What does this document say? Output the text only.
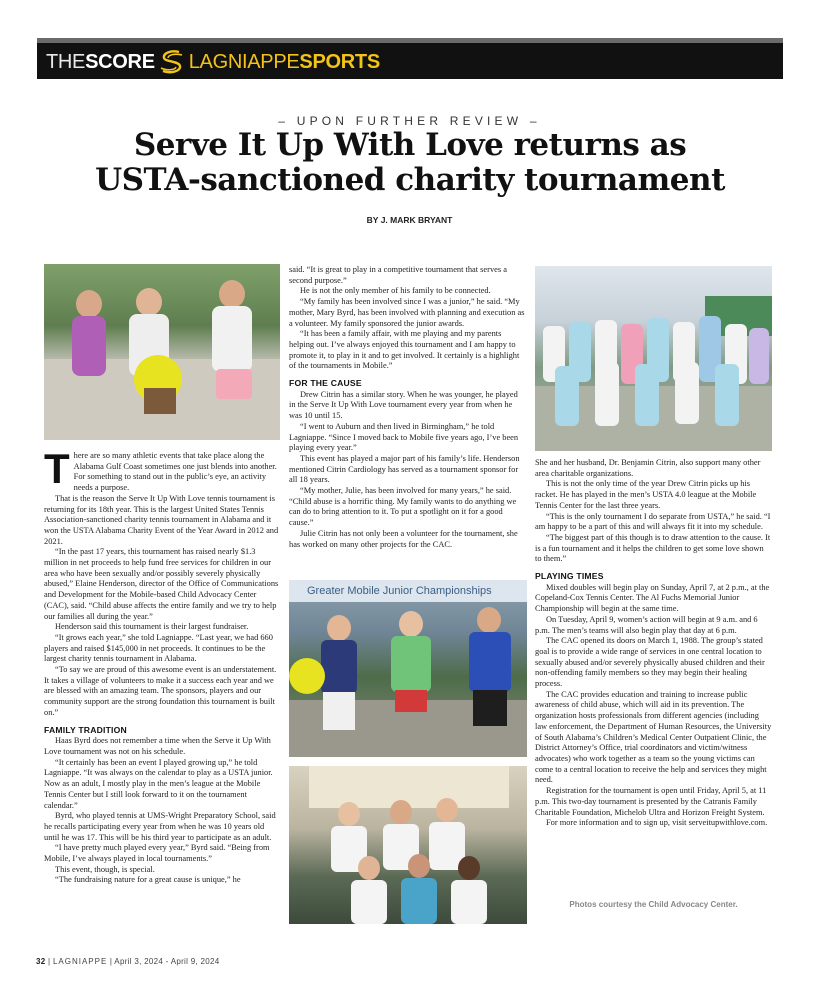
THE SCORE LAGNIAPPE SPORTS
– UPON FURTHER REVIEW –
Serve It Up With Love returns as
USTA-sanctioned charity tournament
BY J. MARK BRYANT
Greater Mobile Junior Championships
T here are so many athletic events that take place along the Alabama Gulf Coast sometimes one just blends into another. For something to stand out in the public’s eye, an activity needs a purpose.

That is the reason the Serve It Up With Love tennis tournament is returning for its 18th year. This is the largest United States Tennis Association-sanctioned charity tennis tournament in Alabama and it won the USTA Alabama Charity Event of the Year Award in 2012 and 2021.

“In the past 17 years, this tournament has raised nearly $1.3 million in net proceeds to help fund free services for children in our area who have been sexually and/or possibly severely physically abused,” Elaine Henderson, director of the Office of Communications and Development for the Mobile-based Child Advocacy Center (CAC), said. “Child abuse affects the entire family and we try to help our families all during the year.”

Henderson said this tournament is their largest fundraiser.

“It grows each year,” she told Lagniappe. “Last year, we had 660 players and raised $145,000 in net proceeds. It continues to be the largest charity tennis tournament in Alabama.

“To say we are proud of this awesome event is an understatement. It takes a village of volunteers to make it a success each year and we are blessed with an amazing team. The sponsors, players and our community support are the strong foundation this tournament is built on.”

FAMILY TRADITION

Haas Byrd does not remember a time when the Serve it Up With Love tournament was not on his schedule.

“It certainly has been an event I played growing up,” he told Lagniappe. “It was always on the calendar to play as a USTA junior. Now as an adult, I mostly play in the men’s league at the Mobile Tennis Center but I still look forward to it on the tournament calendar.”

Byrd, who played tennis at UMS-Wright Preparatory School, said he recalls participating every year from when he was 10 years old until he was 17. This will be his third year to participate as an adult.

“I have pretty much played every year,” Byrd said. “Being from Mobile, I’ve always played in local tournaments.”

This event, though, is special.

“The fundraising nature for a great cause is unique,” he

said. “It is great to play in a competitive tournament that serves a second purpose.”

He is not the only member of his family to be connected.

“My family has been involved since I was a junior,” he said. “My mother, Mary Byrd, has been involved with planning and execution as a volunteer. My family sponsored the junior awards.

“It has been a family affair, with me playing and my parents helping out. I’ve always enjoyed this tournament and I am happy to promote it, to play in it and to get involved. It certainly is a highlight of the tournaments in Mobile.”

FOR THE CAUSE

Drew Citrin has a similar story. When he was younger, he played in the Serve It Up With Love tournament every year from when he was 10 until 15.

“I went to Auburn and then lived in Birmingham,” he told Lagniappe. “Since I moved back to Mobile five years ago, I’ve been playing every year.”

This event has played a major part of his family’s life. Henderson mentioned Citrin Cardiology has served as a tournament sponsor for all 18 years.

“My mother, Julie, has been involved for many years,” he said. “Child abuse is a horrific thing. My family wants to do anything we can do to bring attention to it. To put a spotlight on it for a good cause.”

Julie Citrin has not only been a volunteer for the tournament, she has worked on many other projects for the CAC.

She and her husband, Dr. Benjamin Citrin, also support many other area charitable organizations.

This is not the only time of the year Drew Citrin picks up his racket. He has played in the men’s USTA 4.0 league at the Mobile Tennis Center for the last three years.

“This is the only tournament I do separate from USTA,” he said. “I am happy to be a part of this and will always fit it into my schedule.

“The biggest part of this though is to draw attention to the cause. It is a fun tournament and it helps the children to get some love shown to them.”

PLAYING TIMES

Mixed doubles will begin play on Sunday, April 7, at 2 p.m., at the Copeland-Cox Tennis Center. The Al Fuchs Memorial Junior Championship will begin at the same time.

On Tuesday, April 9, women’s action will begin at 9 a.m. and 6 p.m. The men’s teams will also begin play that day at 6 p.m.

The CAC opened its doors on March 1, 1988. The group’s stated goal is to provide a wide range of services in one central location to sexually abused and/or severely physically abused children and their non-offending family members so they may begin their healing process.

The CAC provides education and training to increase public awareness of child abuse, which will aid in its prevention. The organization hosts professionals from different agencies (including law enforcement, the Department of Human Resources, the University of South Alabama’s Children’s Medical Center Outpatient Clinic, the District Attorney’s Office, trial coordinators and victim/witness advocates) who work together as a team so the young victims can come to a central location to receive the help and services they might need.

Registration for the tournament is open until Friday, April 5, at 11 p.m. This two-day tournament is presented by the Catranis Family Charitable Foundation, Michelob Ultra and Horizon Freight System.

For more information and to sign up, visit serveitupwithlove.com.

Photos courtesy the Child Advocacy Center.
32 | LAGNIAPPE | April 3, 2024 - April 9, 2024
